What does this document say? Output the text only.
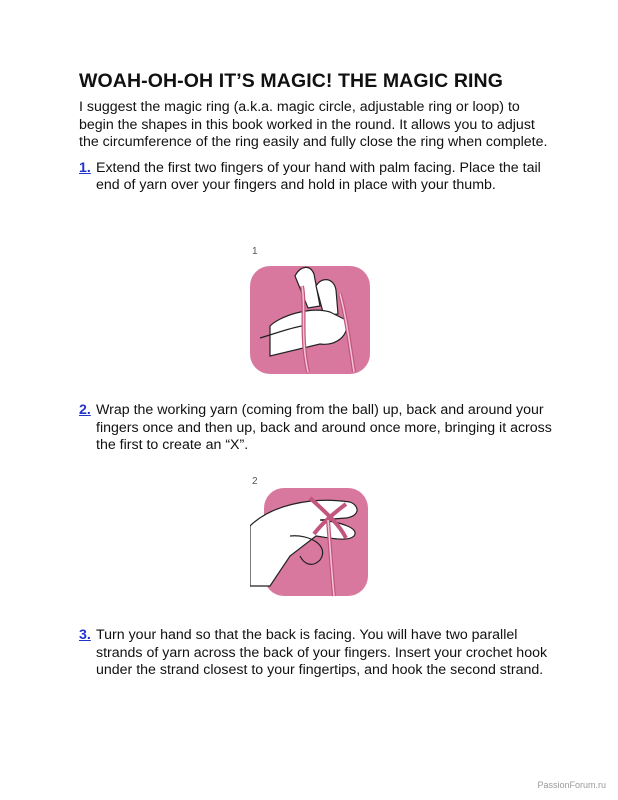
WOAH-OH-OH IT’S MAGIC! THE MAGIC RING

I suggest the magic ring (a.k.a. magic circle, adjustable ring or loop) to begin the shapes in this book worked in the round. It allows you to adjust the circumference of the ring easily and fully close the ring when complete.

1. Extend the first two fingers of your hand with palm facing. Place the tail end of yarn over your fingers and hold in place with your thumb.
1
2. Wrap the working yarn (coming from the ball) up, back and around your fingers once and then up, back and around once more, bringing it across the first to create an “X”.
2
3. Turn your hand so that the back is facing. You will have two parallel strands of yarn across the back of your fingers. Insert your crochet hook under the strand closest to your fingertips, and hook the second strand.
PassionForum.ru
